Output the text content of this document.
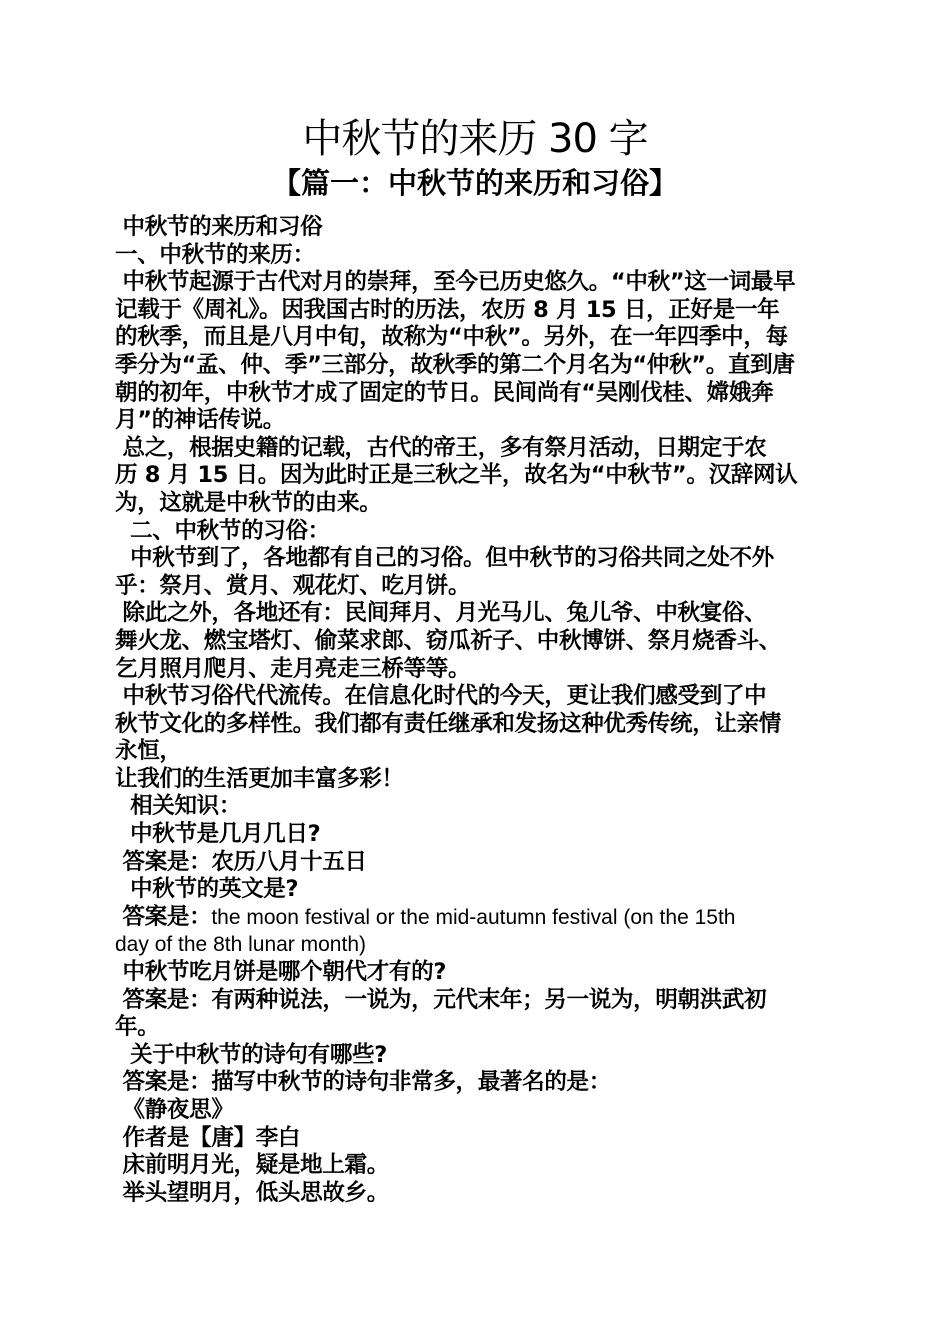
中秋节的来历 30 字
【篇一：中秋节的来历和习俗】

中秋节的来历和习俗

一、中秋节的来历：

中秋节起源于古代对月的崇拜，至今已历史悠久。“中秋”这一词最早

记载于《周礼》。因我国古时的历法，农历 8 月 15 日，正好是一年

的秋季，而且是八月中旬，故称为“中秋”。另外，在一年四季中，每

季分为“孟、仲、季”三部分，故秋季的第二个月名为“仲秋”。直到唐

朝的初年，中秋节才成了固定的节日。民间尚有“吴刚伐桂、嫦娥奔

月”的神话传说。

总之，根据史籍的记载，古代的帝王，多有祭月活动，日期定于农

历 8 月 15 日。因为此时正是三秋之半，故名为“中秋节”。汉辞网认

为，这就是中秋节的由来。

二、中秋节的习俗：

中秋节到了，各地都有自己的习俗。但中秋节的习俗共同之处不外

乎：祭月、赏月、观花灯、吃月饼。

除此之外，各地还有：民间拜月、月光马儿、兔儿爷、中秋宴俗、

舞火龙、燃宝塔灯、偷菜求郎、窃瓜祈子、中秋博饼、祭月烧香斗、

乞月照月爬月、走月亮走三桥等等。

中秋节习俗代代流传。在信息化时代的今天，更让我们感受到了中

秋节文化的多样性。我们都有责任继承和发扬这种优秀传统，让亲情

永恒，

让我们的生活更加丰富多彩！

相关知识：

中秋节是几月几日?

答案是：农历八月十五日

中秋节的英文是?

答案是：the moon festival or the mid-autumn festival (on the 15th

day of the 8th lunar month)

中秋节吃月饼是哪个朝代才有的?

答案是：有两种说法，一说为，元代末年；另一说为，明朝洪武初

年。

关于中秋节的诗句有哪些?

答案是：描写中秋节的诗句非常多，最著名的是：

《静夜思》

作者是【唐】李白

床前明月光，疑是地上霜。

举头望明月，低头思故乡。
